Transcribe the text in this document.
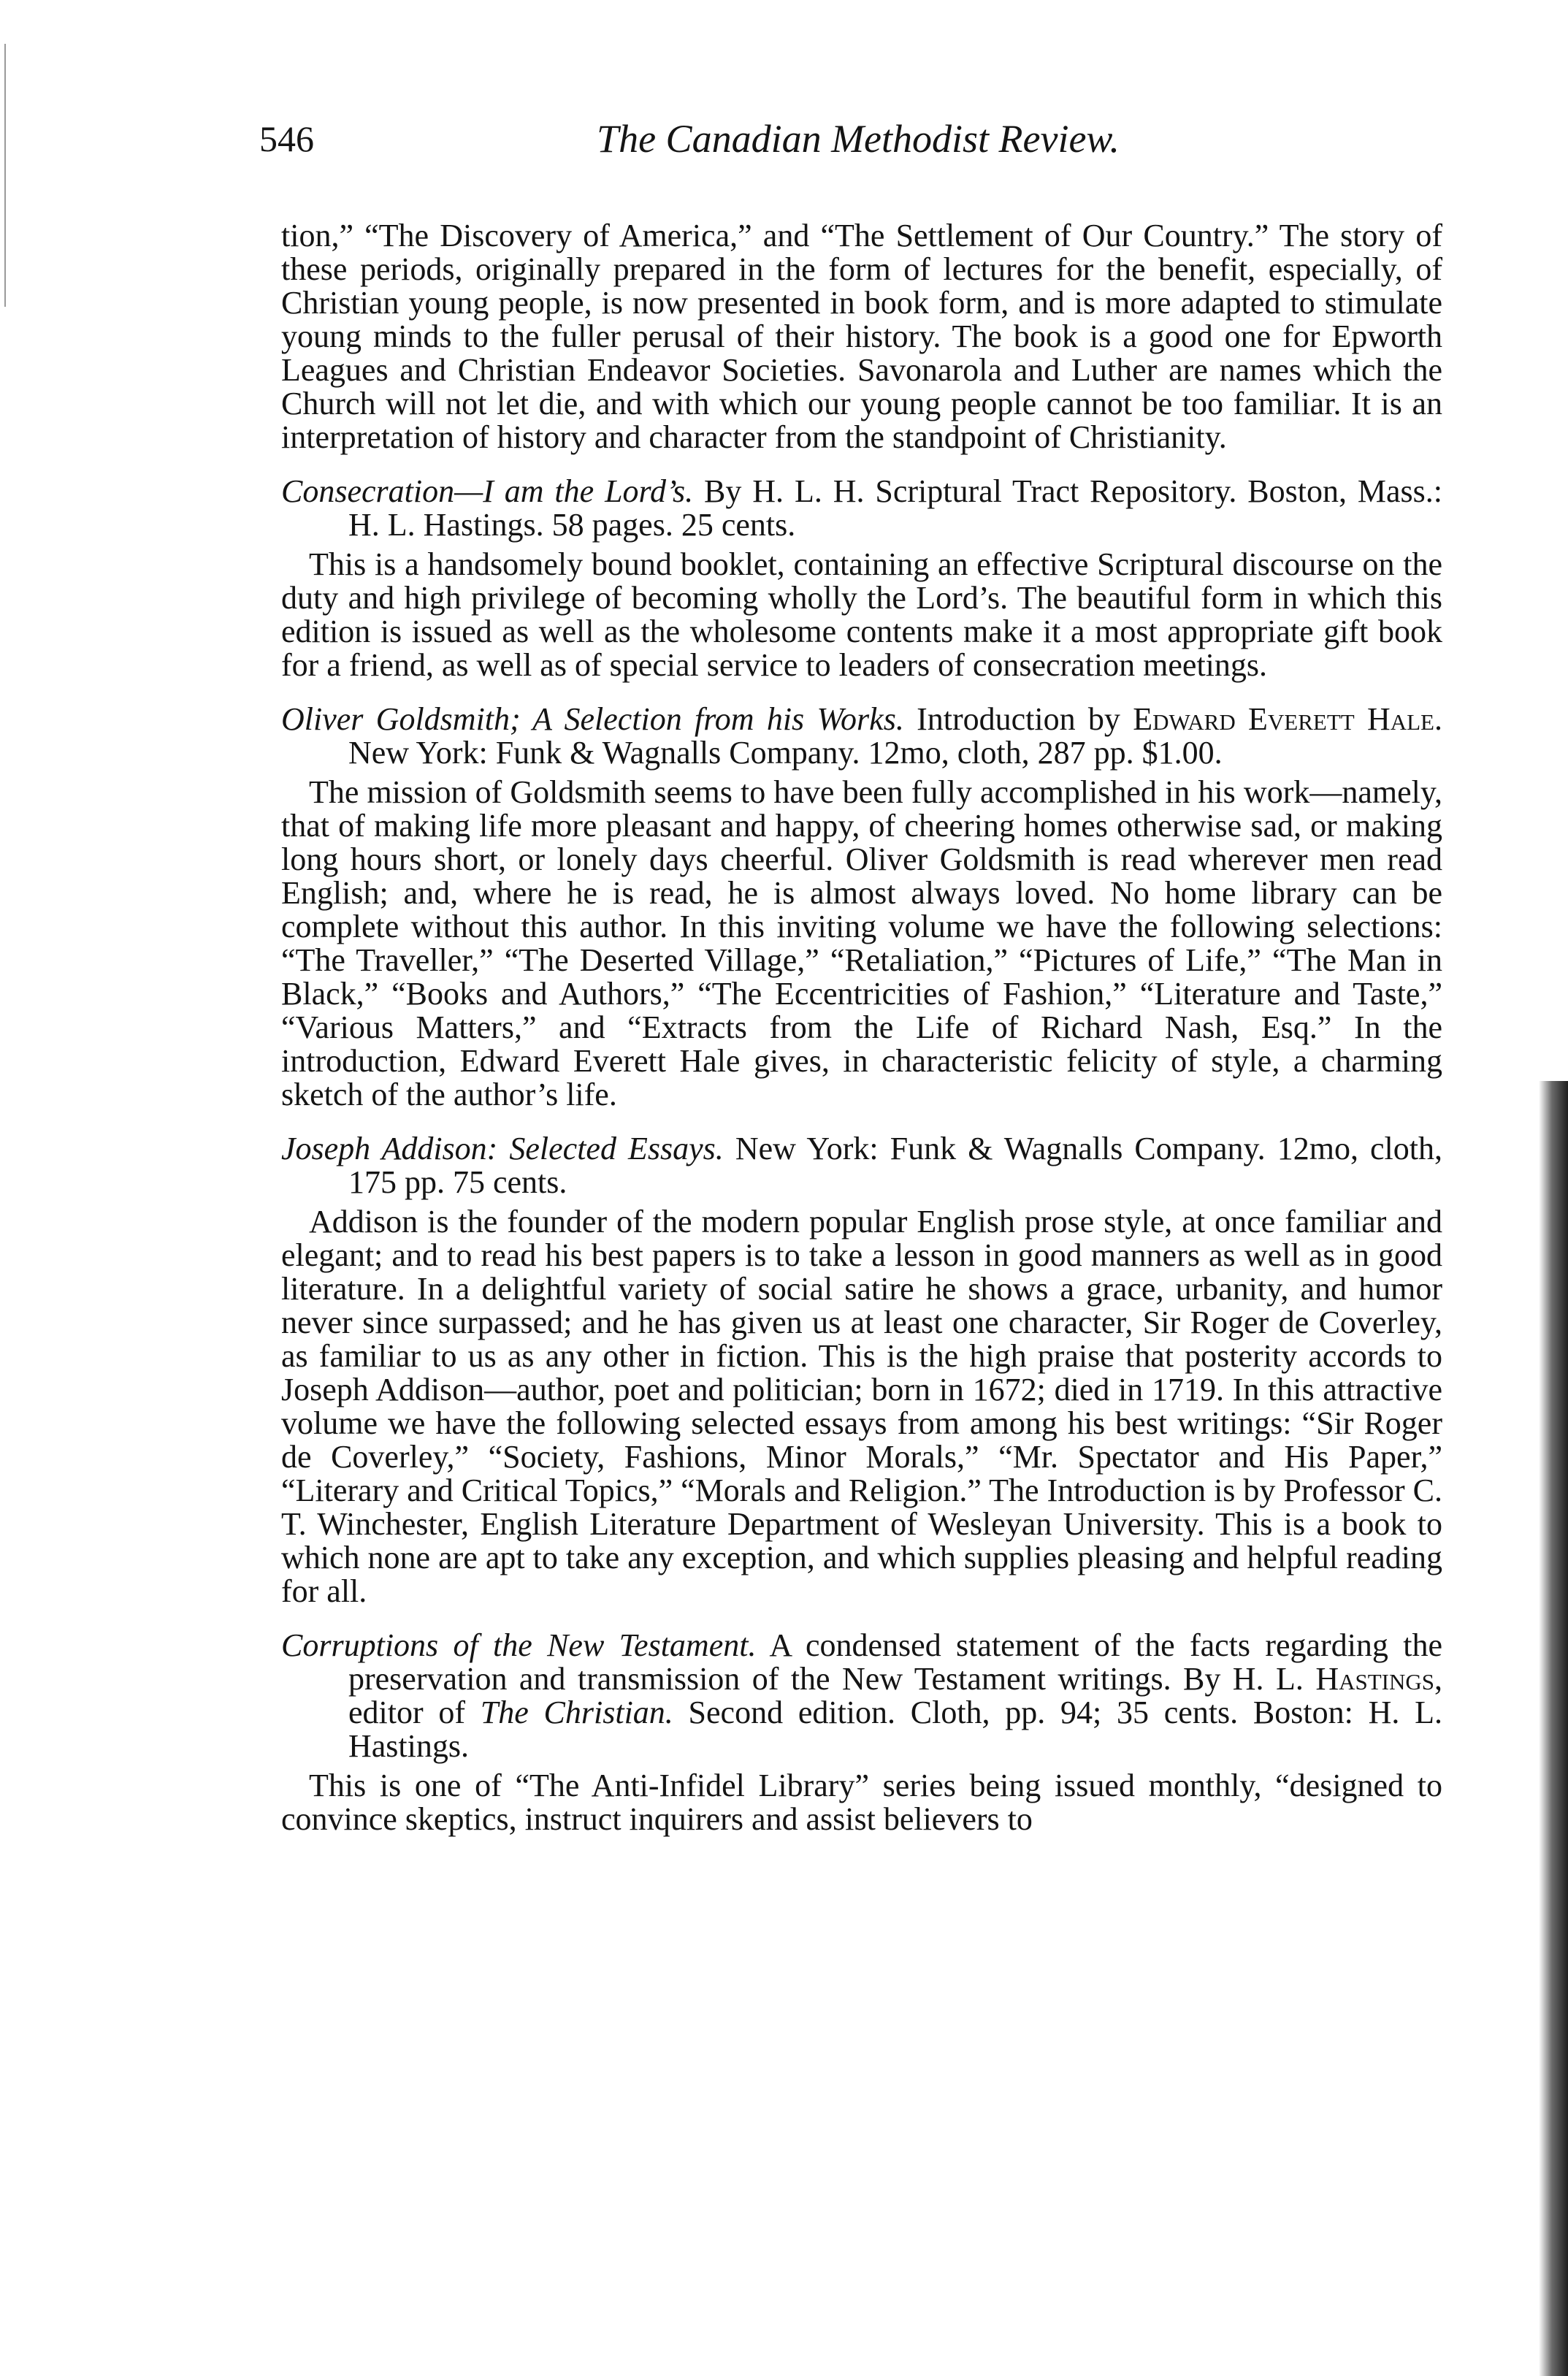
546	The Canadian Methodist Review.

tion,” “The Discovery of America,” and “The Settlement of Our Country.” The story of these periods, originally prepared in the form of lectures for the benefit, especially, of Christian young people, is now presented in book form, and is more adapted to stimulate young minds to the fuller perusal of their history. The book is a good one for Epworth Leagues and Christian Endeavor Societies. Savonarola and Luther are names which the Church will not let die, and with which our young people cannot be too familiar. It is an interpretation of history and character from the standpoint of Christianity.

Consecration—I am the Lord’s. By H. L. H. Scriptural Tract Repository. Boston, Mass.: H. L. Hastings. 58 pages. 25 cents.

This is a handsomely bound booklet, containing an effective Scriptural discourse on the duty and high privilege of becoming wholly the Lord’s. The beautiful form in which this edition is issued as well as the wholesome contents make it a most appropriate gift book for a friend, as well as of special service to leaders of consecration meetings.

Oliver Goldsmith; A Selection from his Works. Introduction by Edward Everett Hale. New York: Funk & Wagnalls Company. 12mo, cloth, 287 pp. $1.00.

The mission of Goldsmith seems to have been fully accomplished in his work—namely, that of making life more pleasant and happy, of cheering homes otherwise sad, or making long hours short, or lonely days cheerful. Oliver Goldsmith is read wherever men read English; and, where he is read, he is almost always loved. No home library can be complete without this author. In this inviting volume we have the following selections: “The Traveller,” “The Deserted Village,” “Retaliation,” “Pictures of Life,” “The Man in Black,” “Books and Authors,” “The Eccentricities of Fashion,” “Literature and Taste,” “Various Matters,” and “Extracts from the Life of Richard Nash, Esq.” In the introduction, Edward Everett Hale gives, in characteristic felicity of style, a charming sketch of the author’s life.

Joseph Addison: Selected Essays. New York: Funk & Wagnalls Company. 12mo, cloth, 175 pp. 75 cents.

Addison is the founder of the modern popular English prose style, at once familiar and elegant; and to read his best papers is to take a lesson in good manners as well as in good literature. In a delightful variety of social satire he shows a grace, urbanity, and humor never since surpassed; and he has given us at least one character, Sir Roger de Coverley, as familiar to us as any other in fiction. This is the high praise that posterity accords to Joseph Addison—author, poet and politician; born in 1672; died in 1719. In this attractive volume we have the following selected essays from among his best writings: “Sir Roger de Coverley,” “Society, Fashions, Minor Morals,” “Mr. Spectator and His Paper,” “Literary and Critical Topics,” “Morals and Religion.” The Introduction is by Professor C. T. Winchester, English Literature Department of Wesleyan University. This is a book to which none are apt to take any exception, and which supplies pleasing and helpful reading for all.

Corruptions of the New Testament. A condensed statement of the facts regarding the preservation and transmission of the New Testament writings. By H. L. Hastings, editor of The Christian. Second edition. Cloth, pp. 94; 35 cents. Boston: H. L. Hastings.

This is one of “The Anti-Infidel Library” series being issued monthly, “designed to convince skeptics, instruct inquirers and assist believers to
